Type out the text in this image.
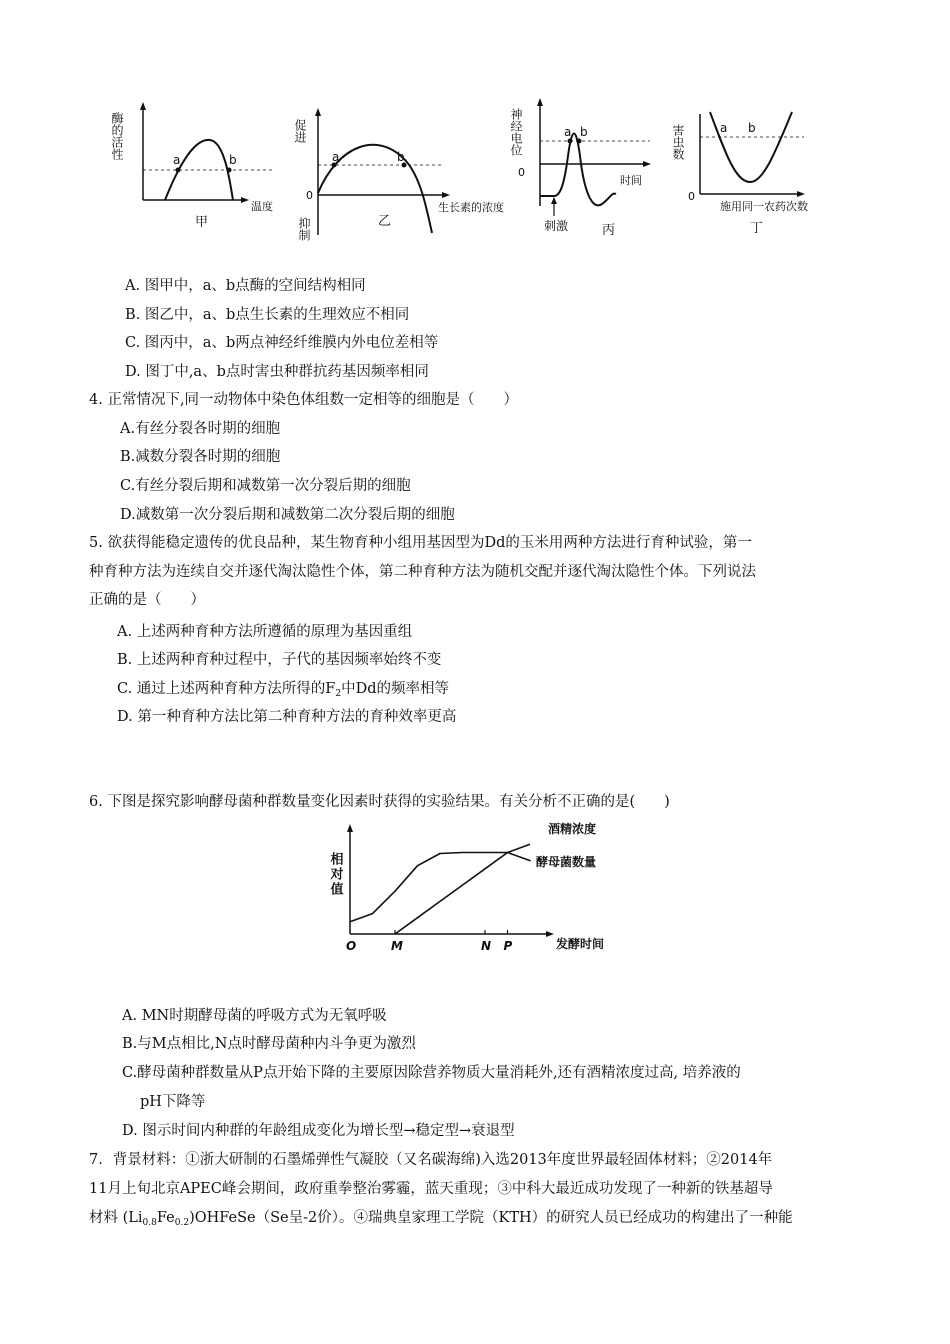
酶的活性	a	b
温度
甲
促进
0
抑制
a	b
生长素的浓度
乙
神经电位
0
a b
时间
刺激	丙
害虫数
0
a b
施用同一农药次数
丁
A. 图甲中，a、b点酶的空间结构相同
B. 图乙中，a、b点生长素的生理效应不相同
C. 图丙中，a、b两点神经纤维膜内外电位差相等
D. 图丁中,a、b点时害虫种群抗药基因频率相同
4. 正常情况下,同一动物体中染色体组数一定相等的细胞是（　　）
A.有丝分裂各时期的细胞
B.减数分裂各时期的细胞
C.有丝分裂后期和减数第一次分裂后期的细胞
D.减数第一次分裂后期和减数第二次分裂后期的细胞
5. 欲获得能稳定遗传的优良品种，某生物育种小组用基因型为Dd的玉米用两种方法进行育种试验，第一
种育种方法为连续自交并逐代淘汰隐性个体，第二种育种方法为随机交配并逐代淘汰隐性个体。下列说法
正确的是（　　）
A. 上述两种育种方法所遵循的原理为基因重组
B. 上述两种育种过程中，子代的基因频率始终不变
C. 通过上述两种育种方法所得的$F_2$中Dd的频率相等
D. 第一种育种方法比第二种育种方法的育种效率更高
6. 下图是探究影响酵母菌种群数量变化因素时获得的实验结果。有关分析不正确的是(　　)
相对值
O	M	N P
酒精浓度
酵母菌数量
发酵时间
A. MN时期酵母菌的呼吸方式为无氧呼吸
B.与M点相比,N点时酵母菌种内斗争更为激烈
C.酵母菌种群数量从P点开始下降的主要原因除营养物质大量消耗外,还有酒精浓度过高, 培养液的
pH下降等
D. 图示时间内种群的年龄组成变化为增长型→稳定型→衰退型
7．背景材料：①浙大研制的石墨烯弹性气凝胶（又名碳海绵)入选2013年度世界最轻固体材料；②2014年
11月上旬北京APEC峰会期间，政府重拳整治雾霾，蓝天重现；③中科大最近成功发现了一种新的铁基超导
材料 $(Li_{0.8}Fe_{0.2})OHFeSe(Se$呈-2价）。④瑞典皇家理工学院（KTH）的研究人员已经成功的构建出了一种能
